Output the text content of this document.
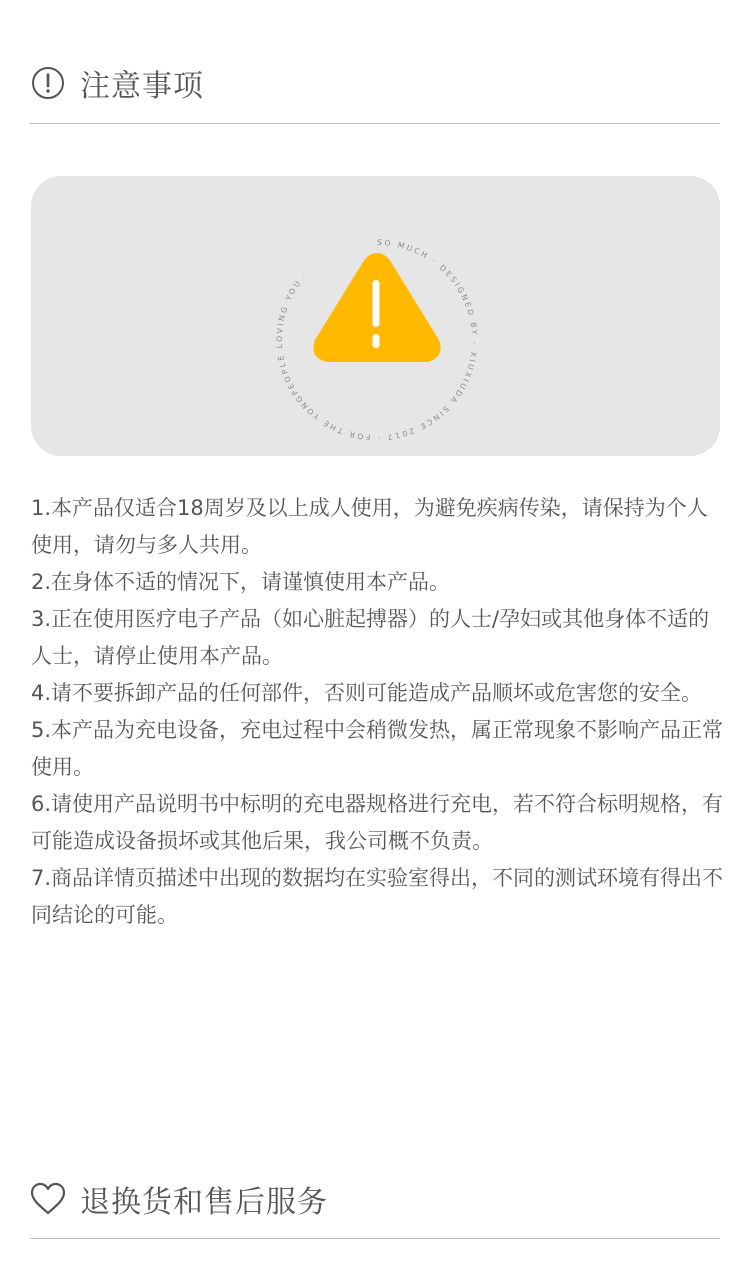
注意事项
SO MUCH · DESIGNED BY · XIUXIUDA SINCE 2017 · FOR THE YONGPEOPLE LOVING YOU ·
1.本产品仅适合18周岁及以上成人使用，为避免疾病传染，请保持为个人使用，请勿与多人共用。
2.在身体不适的情况下，请谨慎使用本产品。
3.正在使用医疗电子产品（如心脏起搏器）的人士/孕妇或其他身体不适的人士，请停止使用本产品。
4.请不要拆卸产品的任何部件，否则可能造成产品顺坏或危害您的安全。
5.本产品为充电设备，充电过程中会稍微发热，属正常现象不影响产品正常使用。
6.请使用产品说明书中标明的充电器规格进行充电，若不符合标明规格，有可能造成设备损坏或其他后果，我公司概不负责。
7.商品详情页描述中出现的数据均在实验室得出，不同的测试环境有得出不同结论的可能。
退换货和售后服务
